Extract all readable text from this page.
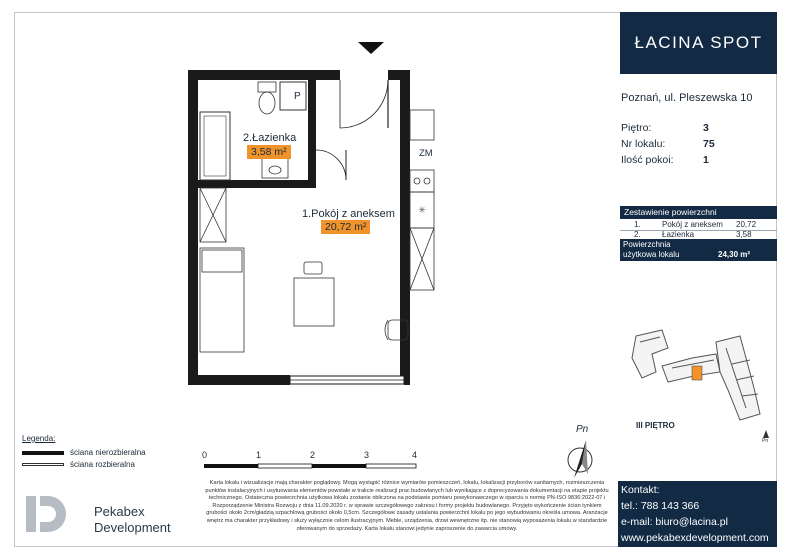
ŁACINA SPOT
Poznań, ul. Pleszewska 10
Piętro:	3
Nr lokalu:	75
Ilość pokoi:	1
Zestawienie powierzchni
1.	Pokój z aneksem 20,72
2.	Łazienka	3,58
Powierzchnia
użytkowa lokalu	24,30 m²
III PIĘTRO
Pn
Pn
✳
2.Łazienka
3,58 m²
1.Pokój z aneksem
20,72 m²
P
ZM
Legenda:
ściana nierozbieralna
ściana rozbieralna
0	1	2	3	4
Pekabex
Development
Karta lokalu i wizualizacje mają charakter poglądowy. Mogą wystąpić różnice wymiarów pomieszczeń, lokalu, lokalizacji przyborów sanitarnych, rozmieszczenia punktów instalacyjnych i usytuowania elementów powstałe w trakcie realizacji prac budowlanych lub wynikające z doprecyzowania dokumentacji na etapie projektu technicznego. Ostateczna powierzchnia użytkowa lokalu zostanie obliczona na podstawie pomiaru powykonawczego w oparciu o normę PN-ISO 9836:2022-07 i Rozporządzenie Ministra Rozwoju z dnia 11.09.2020 r. w sprawie szczegółowego zakresu i formy projektu budowlanego. Przyjęto wykończenie ścian tynkiem grubości około 2cm/gładzią szpachlową grubości około 0,5cm. Szczegółowe zasady ustalania powierzchni lokalu po jego wybudowaniu określa umowa. Aranżacje wnętrz ma charakter przykładowy i służy wyłącznie celom ilustracyjnym. Meble, urządzenia, drzwi wewnętrzne itp. nie stanowią wyposażenia lokalu w standardzie oferowanym do sprzedaży. Karta lokalu stanowi jedynie zaproszenie do zawarcia umowy.
Kontakt:
tel.: 788 143 366
e-mail: biuro@lacina.pl
www.pekabexdevelopment.com
